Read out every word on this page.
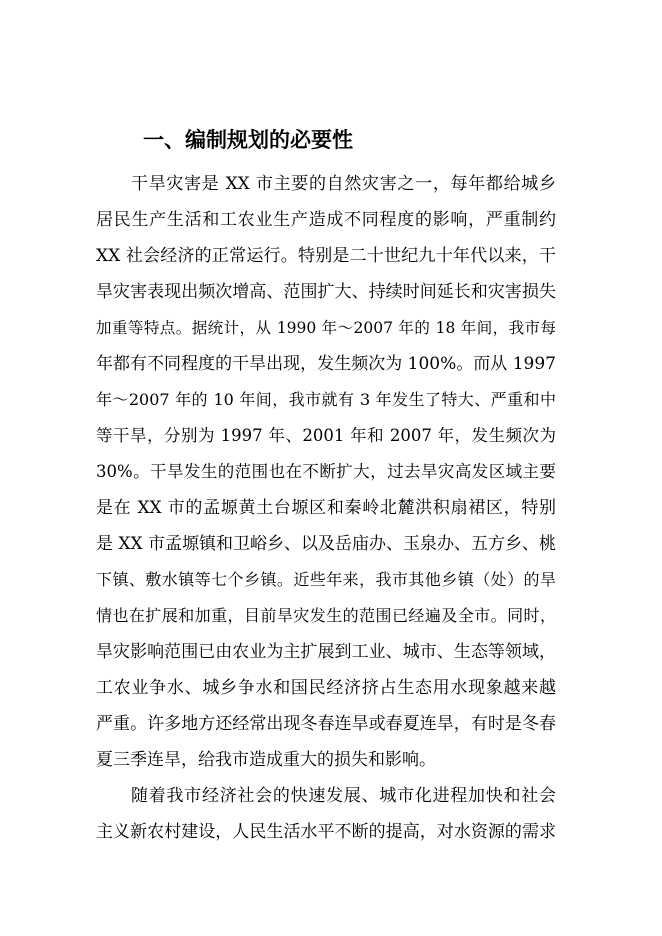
一、编制规划的必要性
干旱灾害是 XX 市主要的自然灾害之一，每年都给城乡
居民生产生活和工农业生产造成不同程度的影响，严重制约
XX 社会经济的正常运行。特别是二十世纪九十年代以来，干
旱灾害表现出频次增高、范围扩大、持续时间延长和灾害损失
加重等特点。据统计，从 1990 年～2007 年的 18 年间，我市每
年都有不同程度的干旱出现，发生频次为 100%。而从 1997
年～2007 年的 10 年间，我市就有 3 年发生了特大、严重和中
等干旱，分别为 1997 年、2001 年和 2007 年，发生频次为
30%。干旱发生的范围也在不断扩大，过去旱灾高发区域主要
是在 XX 市的孟塬黄土台塬区和秦岭北麓洪积扇裙区，特别
是 XX 市孟塬镇和卫峪乡、以及岳庙办、玉泉办、五方乡、桃
下镇、敷水镇等七个乡镇。近些年来，我市其他乡镇（处）的旱
情也在扩展和加重，目前旱灾发生的范围已经遍及全市。同时，
旱灾影响范围已由农业为主扩展到工业、城市、生态等领域，
工农业争水、城乡争水和国民经济挤占生态用水现象越来越
严重。许多地方还经常出现冬春连旱或春夏连旱，有时是冬春
夏三季连旱，给我市造成重大的损失和影响。
随着我市经济社会的快速发展、城市化进程加快和社会
主义新农村建设，人民生活水平不断的提高，对水资源的需求
